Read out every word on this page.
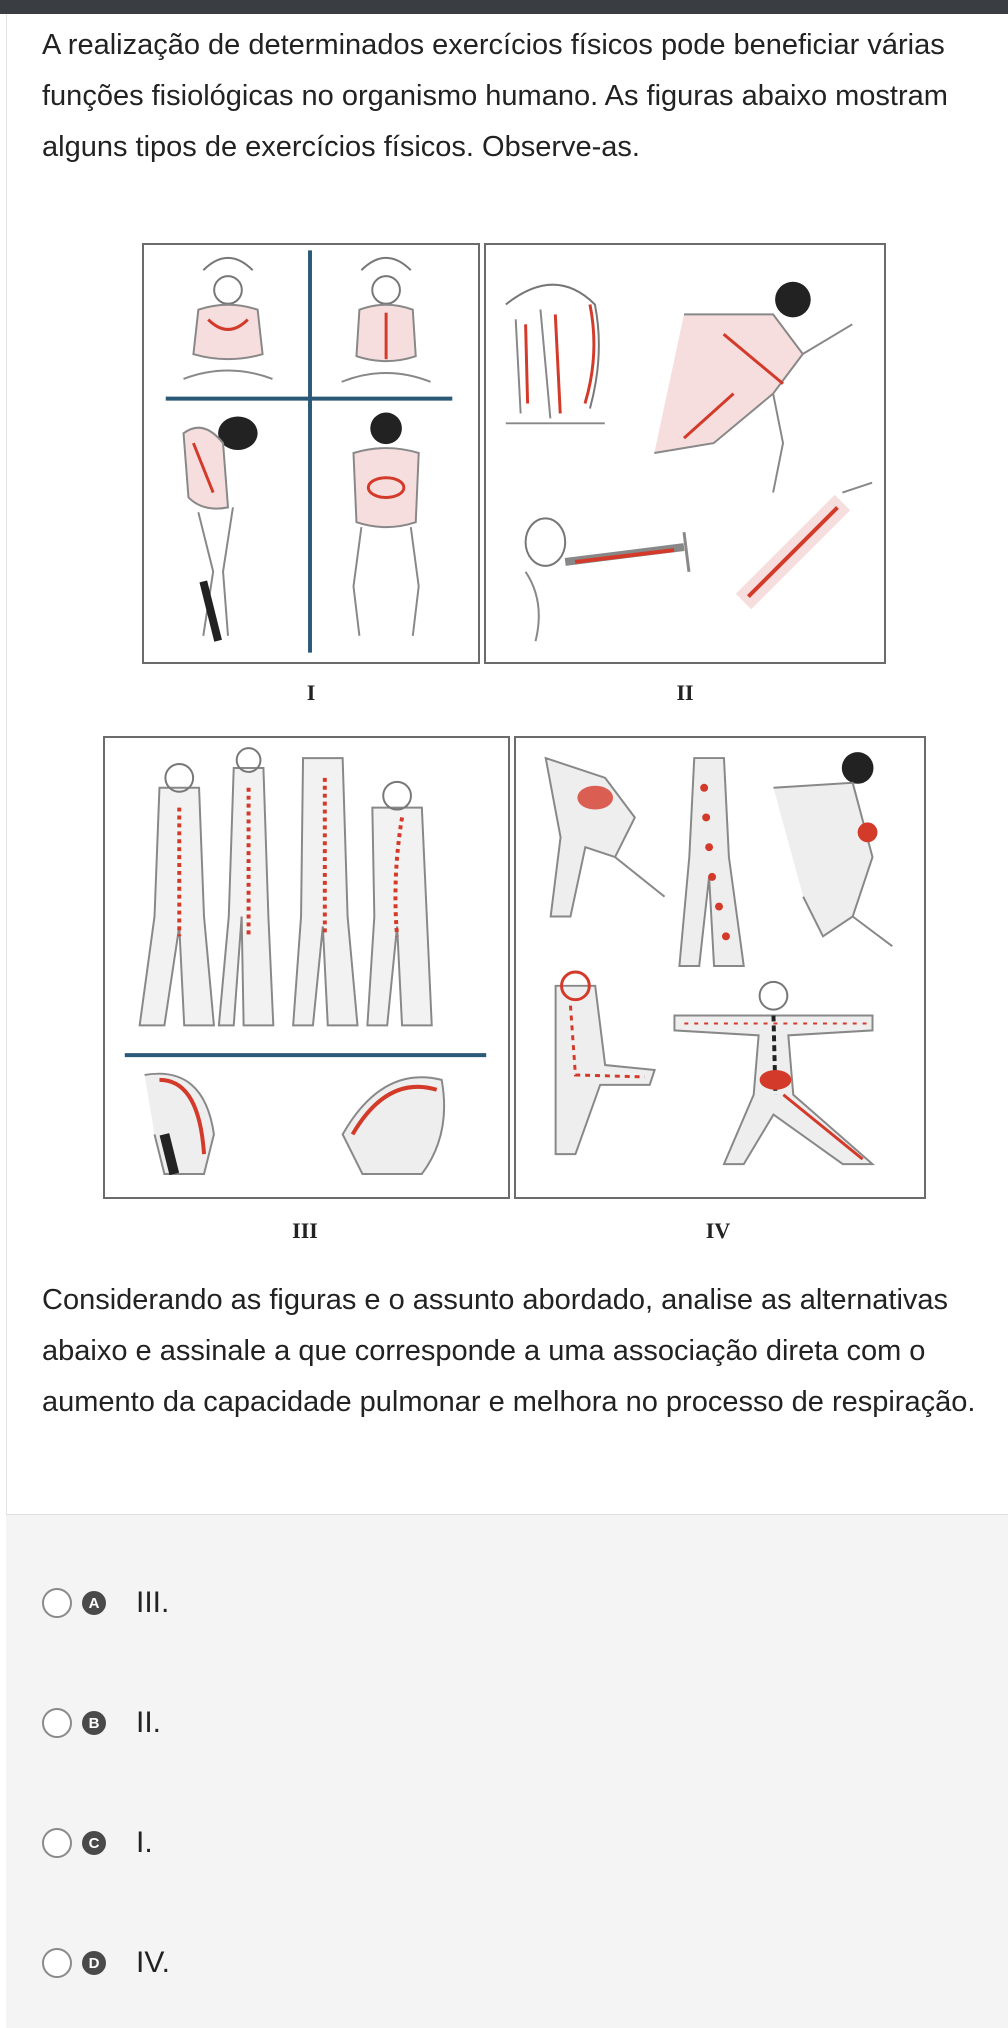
A realização de determinados exercícios físicos pode beneficiar várias funções fisiológicas no organismo humano. As figuras abaixo mostram alguns tipos de exercícios físicos. Observe-as.

I	II
III	IV

Considerando as figuras e o assunto abordado, analise as alternativas abaixo e assinale a que corresponde a uma associação direta com o aumento da capacidade pulmonar e melhora no processo de respiração.

A III.
B II.
C I.
D IV.
